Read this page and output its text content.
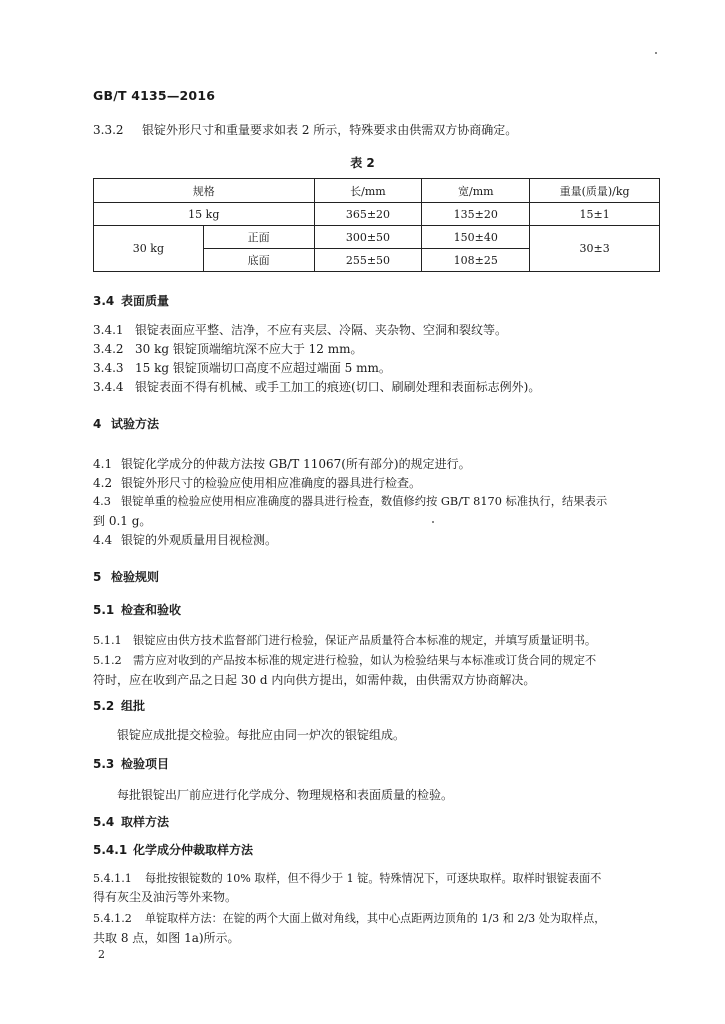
GB/T 4135—2016
3.3.2 银锭外形尺寸和重量要求如表 2 所示，特殊要求由供需双方协商确定。
表 2
规格		长/mm	宽/mm	重量(质量)/kg
15 kg		365±20	135±20	15±1
30 kg	正面	300±50	150±40	30±3
	底面	255±50	108±25	
3.4 表面质量
3.4.1 银锭表面应平整、洁净，不应有夹层、冷隔、夹杂物、空洞和裂纹等。
3.4.2 30 kg 银锭顶端缩坑深不应大于 12 mm。
3.4.3 15 kg 银锭顶端切口高度不应超过端面 5 mm。
3.4.4 银锭表面不得有机械、或手工加工的痕迹(切口、刷刷处理和表面标志例外)。
4 试验方法
4.1 银锭化学成分的仲裁方法按 GB/T 11067(所有部分)的规定进行。
4.2 银锭外形尺寸的检验应使用相应准确度的器具进行检查。
4.3 银锭单重的检验应使用相应准确度的器具进行检查，数值修约按 GB/T 8170 标准执行，结果表示
到 0.1 g。
4.4 银锭的外观质量用目视检测。
5 检验规则
5.1 检查和验收
5.1.1 银锭应由供方技术监督部门进行检验，保证产品质量符合本标准的规定，并填写质量证明书。
5.1.2 需方应对收到的产品按本标准的规定进行检验，如认为检验结果与本标准或订货合同的规定不
符时，应在收到产品之日起 30 d 内向供方提出，如需仲裁，由供需双方协商解决。
5.2 组批
银锭应成批提交检验。每批应由同一炉次的银锭组成。
5.3 检验项目
每批银锭出厂前应进行化学成分、物理规格和表面质量的检验。
5.4 取样方法
5.4.1 化学成分仲裁取样方法
5.4.1.1 每批按银锭数的 10% 取样，但不得少于 1 锭。特殊情况下，可逐块取样。取样时银锭表面不
得有灰尘及油污等外来物。
5.4.1.2 单锭取样方法：在锭的两个大面上做对角线，其中心点距两边顶角的 1/3 和 2/3 处为取样点，
共取 8 点，如图 1a)所示。
2
